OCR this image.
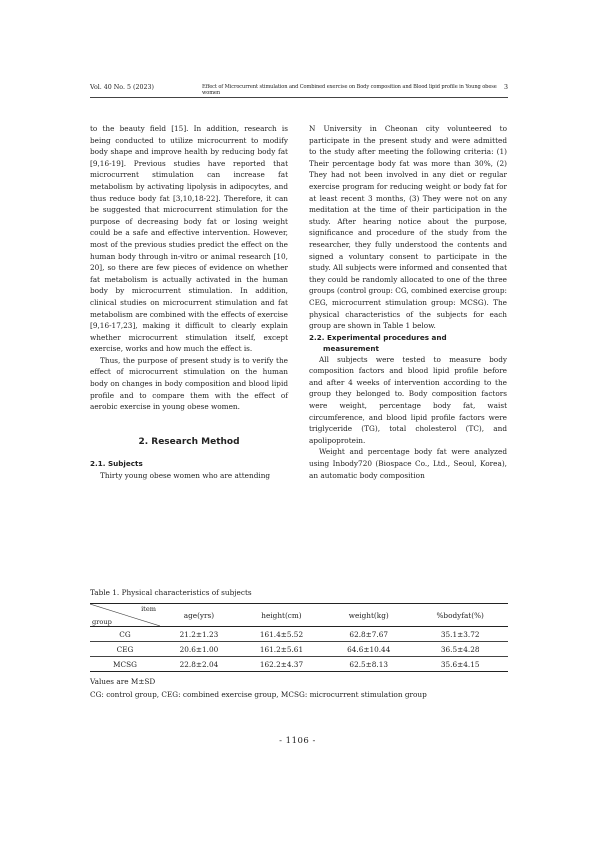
Vol. 40 No. 5 (2023)	Effect of Microcurrent stimulation and Combined exercise on Body composition and Blood lipid profile in Young obese women
3

to the beauty field [15]. In addition, research is being conducted to utilize microcurrent to modify body shape and improve health by reducing body fat [9,16-19]. Previous studies have reported that microcurrent stimulation can increase fat metabolism by activating lipolysis in adipocytes, and thus reduce body fat [3,10,18-22]. Therefore, it can be suggested that microcurrent stimulation for the purpose of decreasing body fat or losing weight could be a safe and effective intervention. However, most of the previous studies predict the effect on the human body through in-vitro or animal research [10, 20], so there are few pieces of evidence on whether fat metabolism is actually activated in the human body by microcurrent stimulation. In addition, clinical studies on microcurrent stimulation and fat metabolism are combined with the effects of exercise [9,16-17,23], making it difficult to clearly explain whether microcurrent stimulation itself, except exercise, works and how much the effect is.

Thus, the purpose of present study is to verify the effect of microcurrent stimulation on the human body on changes in body composition and blood lipid profile and to compare them with the effect of aerobic exercise in young obese women.

2. Research Method

2.1. Subjects

Thirty young obese women who are attending

N University in Cheonan city volunteered to participate in the present study and were admitted to the study after meeting the following criteria: (1) Their percentage body fat was more than 30%, (2) They had not been involved in any diet or regular exercise program for reducing weight or body fat for at least recent 3 months, (3) They were not on any meditation at the time of their participation in the study. After hearing notice about the purpose, significance and procedure of the study from the researcher, they fully understood the contents and signed a voluntary consent to participate in the study. All subjects were informed and consented that they could be randomly allocated to one of the three groups (control group: CG, combined exercise group: CEG, microcurrent stimulation group: MCSG). The physical characteristics of the subjects for each group are shown in Table 1 below.

2.2. Experimental procedures and
measurement

All subjects were tested to measure body composition factors and blood lipid profile before and after 4 weeks of intervention according to the group they belonged to. Body composition factors were weight, percentage body fat, waist circumference, and blood lipid profile factors were triglyceride (TG), total cholesterol (TC), and apolipoprotein.

Weight and percentage body fat were analyzed using Inbody720 (Biospace Co., Ltd., Seoul, Korea), an automatic body composition

Table 1. Physical characteristics of subjects
item
group	age(yrs)	height(cm)	weight(kg)	%bodyfat(%)
CG	21.2±1.23	161.4±5.52	62.8±7.67	35.1±3.72
CEG	20.6±1.00	161.2±5.61	64.6±10.44	36.5±4.28
MCSG	22.8±2.04	162.2±4.37	62.5±8.13	35.6±4.15
Values are M±SD
CG: control group, CEG: combined exercise group, MCSG: microcurrent stimulation group
- 1106 -
